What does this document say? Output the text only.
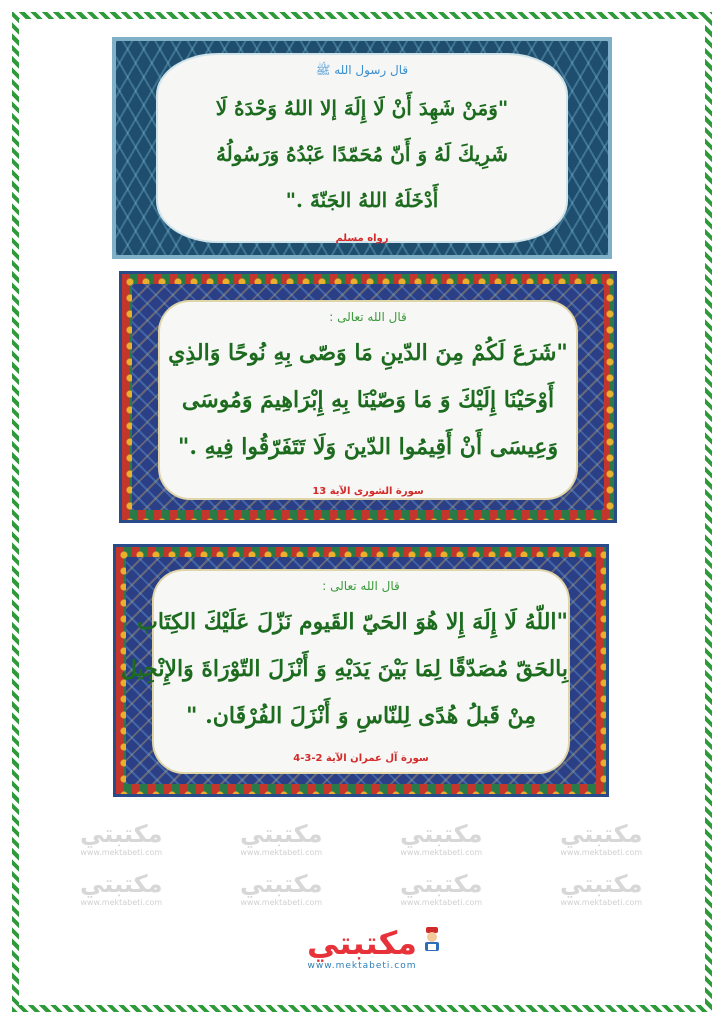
مكتبتي
www.mektabeti.com
مكتبتي
www.mektabeti.com
مكتبتي
www.mektabeti.com
مكتبتي
www.mektabeti.com
مكتبتي
www.mektabeti.com
مكتبتي
www.mektabeti.com
مكتبتي
www.mektabeti.com
مكتبتي
www.mektabeti.com
قال رسول الله ﷺ
"وَمَنْ شَهِدَ أَنْ لَا إِلَهَ إلا اللهُ وَحْدَهُ لَا
شَرِيكَ لَهُ وَ أَنّ مُحَمّدًا عَبْدُهُ وَرَسُولُهُ
أَدْخَلَهُ اللهُ الجَنّةَ ."
رواه مسلم
قال الله تعالى :
"شَرَعَ لَكُمْ مِنَ الدّينِ مَا وَصّى بِهِ نُوحًا وَالذِي
أَوْحَيْنَا إِلَيْكَ وَ مَا وَصّيْنَا بِهِ إِبْرَاهِيمَ وَمُوسَى
وَعِيسَى أَنْ أَقِيمُوا الدّينَ وَلَا تَتَفَرّقُوا فِيهِ ."
سورة الشورى الآية 13
قال الله تعالى :
"اللّهُ لَا إِلَهَ إِلا هُوَ الحَيّ القَيوم نَزّلَ عَلَيْكَ الكِتَاب
بِالحَقّ مُصَدّقًا لِمَا بَيْنَ يَدَيْهِ وَ أَنْزَلَ التّوْرَاةَ وَالإِنْجِيل
مِنْ قَبلُ هُدًى لِلنّاسِ وَ أَنْزَلَ الفُرْقَان. "
سورة آل عمران الآية 2-3-4
مكتبتي
www.mektabeti.com
